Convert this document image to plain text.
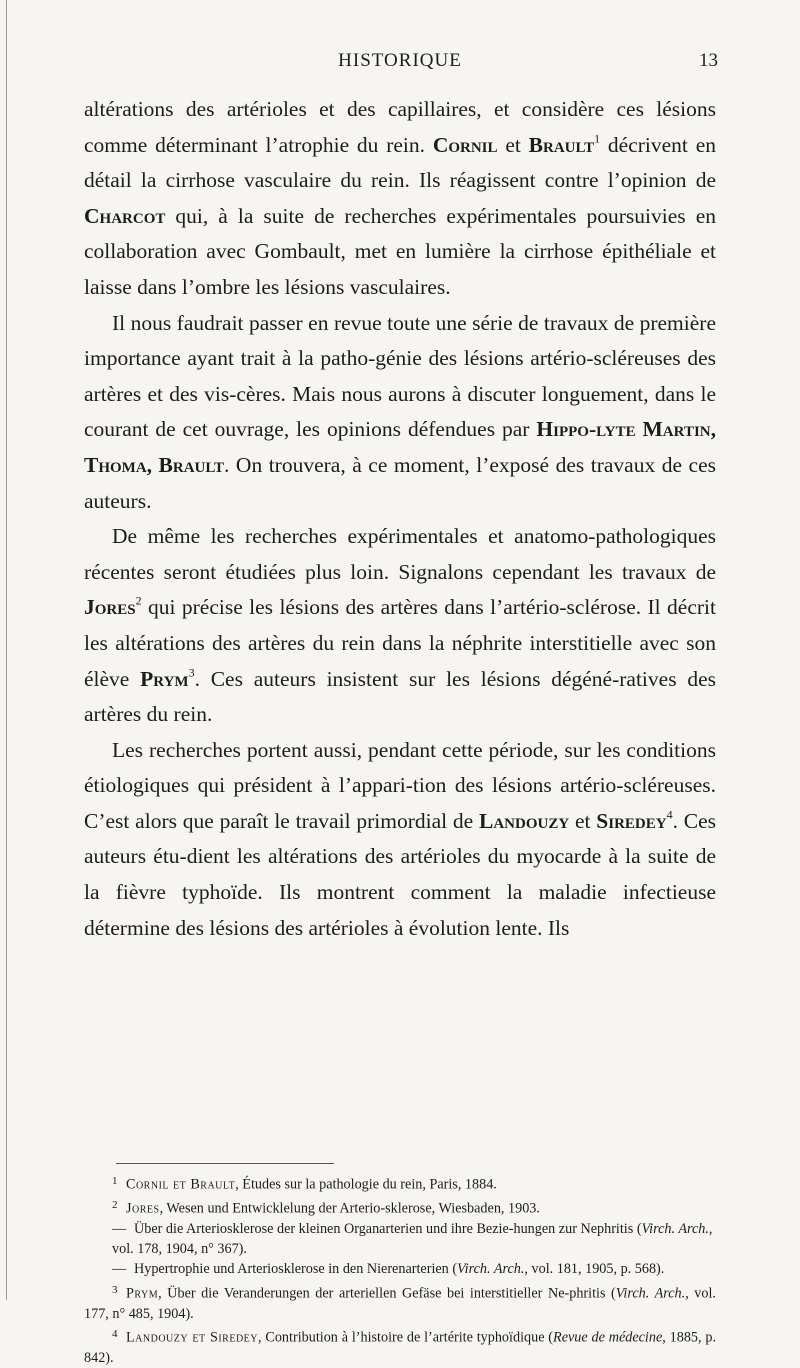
HISTORIQUE	13

altérations des artérioles et des capillaires, et considère ces lésions comme déterminant l’atrophie du rein. Cornil et Brault$^1$ décrivent en détail la cirrhose vasculaire du rein. Ils réagissent contre l’opinion de Charcot qui, à la suite de recherches expérimentales poursuivies en collaboration avec Gombault, met en lumière la cirrhose épithéliale et laisse dans l’ombre les lésions vasculaires.

Il nous faudrait passer en revue toute une série de travaux de première importance ayant trait à la patho-génie des lésions artério-scléreuses des artères et des vis-cères. Mais nous aurons à discuter longuement, dans le courant de cet ouvrage, les opinions défendues par Hippo-lyte Martin, Thoma, Brault. On trouvera, à ce moment, l’exposé des travaux de ces auteurs.

De même les recherches expérimentales et anatomo-pathologiques récentes seront étudiées plus loin. Signalons cependant les travaux de Jores$^2$ qui précise les lésions des artères dans l’artério-sclérose. Il décrit les altérations des artères du rein dans la néphrite interstitielle avec son élève Prym$^3$. Ces auteurs insistent sur les lésions dégéné-ratives des artères du rein.

Les recherches portent aussi, pendant cette période, sur les conditions étiologiques qui président à l’appari-tion des lésions artério-scléreuses. C’est alors que paraît le travail primordial de Landouzy et Siredey$^4$. Ces auteurs étu-dient les altérations des artérioles du myocarde à la suite de la fièvre typhoïde. Ils montrent comment la maladie infectieuse détermine des lésions des artérioles à évolution lente. Ils

1 Cornil et Brault, Études sur la pathologie du rein, Paris, 1884.

2 Jores, Wesen und Entwicklelung der Arterio-sklerose, Wiesbaden, 1903.

— Über die Arteriosklerose der kleinen Organarterien und ihre Bezie-hungen zur Nephritis (Virch. Arch., vol. 178, 1904, n° 367).

— Hypertrophie und Arteriosklerose in den Nierenarterien (Virch. Arch., vol. 181, 1905, p. 568).

3 Prym, Über die Veranderungen der arteriellen Gefäse bei interstitieller Ne-phritis (Virch. Arch., vol. 177, n° 485, 1904).

4 Landouzy et Siredey, Contribution à l’histoire de l’artérite typhoïdique (Revue de médecine, 1885, p. 842).
